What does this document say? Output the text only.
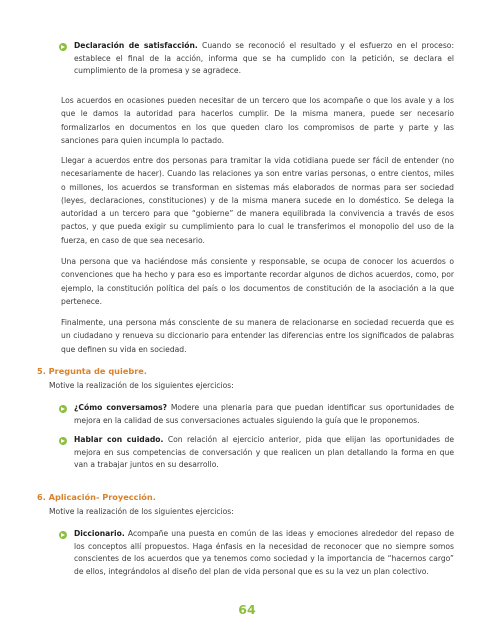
Declaración de satisfacción. Cuando se reconoció el resultado y el esfuerzo en el proceso: establece el final de la acción, informa que se ha cumplido con la petición, se declara el cumplimiento de la promesa y se agradece.

Los acuerdos en ocasiones pueden necesitar de un tercero que los acompañe o que los avale y a los que le damos la autoridad para hacerlos cumplir. De la misma manera, puede ser necesario formalizarlos en documentos en los que queden claro los compromisos de parte y parte y las sanciones para quien incumpla lo pactado.

Llegar a acuerdos entre dos personas para tramitar la vida cotidiana puede ser fácil de entender (no necesariamente de hacer). Cuando las relaciones ya son entre varias personas, o entre cientos, miles o millones, los acuerdos se transforman en sistemas más elaborados de normas para ser sociedad (leyes, declaraciones, constituciones) y de la misma manera sucede en lo doméstico. Se delega la autoridad a un tercero para que “gobierne” de manera equilibrada la convivencia a través de esos pactos, y que pueda exigir su cumplimiento para lo cual le transferimos el monopolio del uso de la fuerza, en caso de que sea necesario.

Una persona que va haciéndose más consiente y responsable, se ocupa de conocer los acuerdos o convenciones que ha hecho y para eso es importante recordar algunos de dichos acuerdos, como, por ejemplo, la constitución política del país o los documentos de constitución de la asociación a la que pertenece.

Finalmente, una persona más consciente de su manera de relacionarse en sociedad recuerda que es un ciudadano y renueva su diccionario para entender las diferencias entre los significados de palabras que definen su vida en sociedad.

5. Pregunta de quiebre.

Motive la realización de los siguientes ejercicios:

¿Cómo conversamos? Modere una plenaria para que puedan identificar sus oportunidades de mejora en la calidad de sus conversaciones actuales siguiendo la guía que le proponemos.

Hablar con cuidado. Con relación al ejercicio anterior, pida que elijan las oportunidades de mejora en sus competencias de conversación y que realicen un plan detallando la forma en que van a trabajar juntos en su desarrollo.

6. Aplicación- Proyección.

Motive la realización de los siguientes ejercicios:

Diccionario. Acompañe una puesta en común de las ideas y emociones alrededor del repaso de los conceptos allí propuestos. Haga énfasis en la necesidad de reconocer que no siempre somos conscientes de los acuerdos que ya tenemos como sociedad y la importancia de “hacernos cargo” de ellos, integrándolos al diseño del plan de vida personal que es su la vez un plan colectivo.

64
